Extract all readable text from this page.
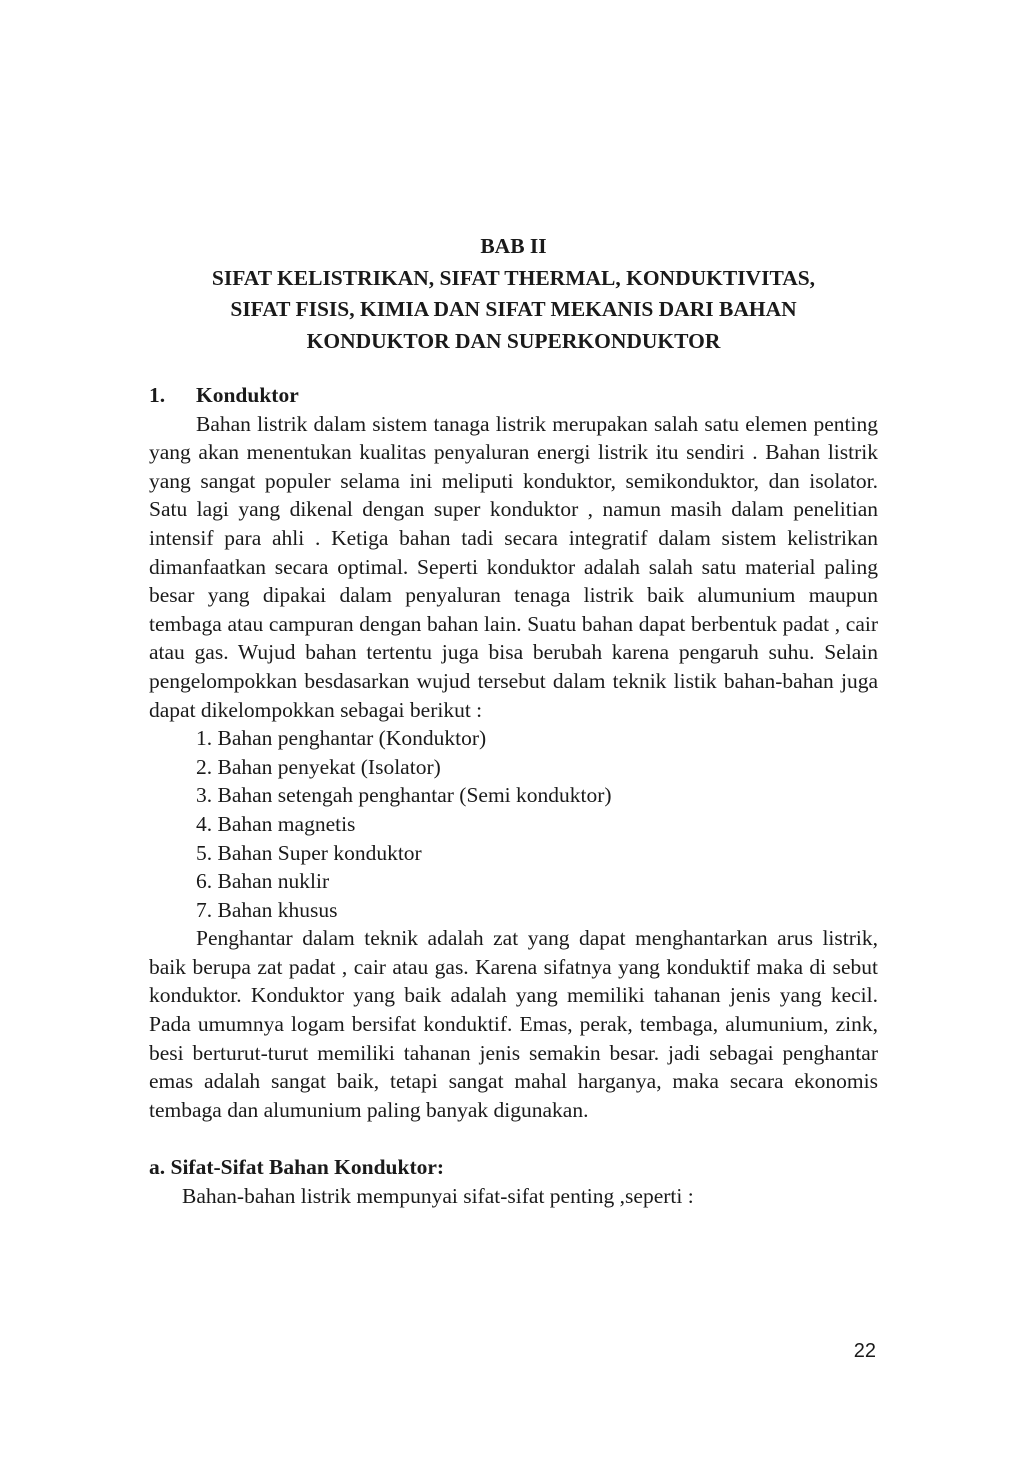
BAB II
SIFAT KELISTRIKAN, SIFAT THERMAL, KONDUKTIVITAS,
SIFAT FISIS, KIMIA DAN SIFAT MEKANIS DARI BAHAN
KONDUKTOR DAN SUPERKONDUKTOR
1.	Konduktor

Bahan listrik dalam sistem tanaga listrik merupakan salah satu elemen penting yang akan menentukan kualitas penyaluran energi listrik itu sendiri . Bahan listrik yang sangat populer selama ini meliputi konduktor, semikonduktor, dan isolator. Satu lagi yang dikenal dengan super konduktor , namun masih dalam penelitian intensif para ahli . Ketiga bahan tadi secara integratif dalam sistem kelistrikan dimanfaatkan secara optimal. Seperti konduktor adalah salah satu material paling besar yang dipakai dalam penyaluran tenaga listrik baik alumunium maupun tembaga atau campuran dengan bahan lain. Suatu bahan dapat berbentuk padat , cair atau gas. Wujud bahan tertentu juga bisa berubah karena pengaruh suhu. Selain pengelompokkan besdasarkan wujud tersebut dalam teknik listik bahan-bahan juga dapat dikelompokkan sebagai berikut :

1. Bahan penghantar (Konduktor)
2. Bahan penyekat (Isolator)
3. Bahan setengah penghantar (Semi konduktor)
4. Bahan magnetis
5. Bahan Super konduktor
6. Bahan nuklir
7. Bahan khusus

Penghantar dalam teknik adalah zat yang dapat menghantarkan arus listrik, baik berupa zat padat , cair atau gas. Karena sifatnya yang konduktif maka di sebut konduktor. Konduktor yang baik adalah yang memiliki tahanan jenis yang kecil. Pada umumnya logam bersifat konduktif. Emas, perak, tembaga, alumunium, zink, besi berturut-turut memiliki tahanan jenis semakin besar. jadi sebagai penghantar emas adalah sangat baik, tetapi sangat mahal harganya, maka secara ekonomis tembaga dan alumunium paling banyak digunakan.

a. Sifat-Sifat Bahan Konduktor:

Bahan-bahan listrik mempunyai sifat-sifat penting ,seperti :

22
